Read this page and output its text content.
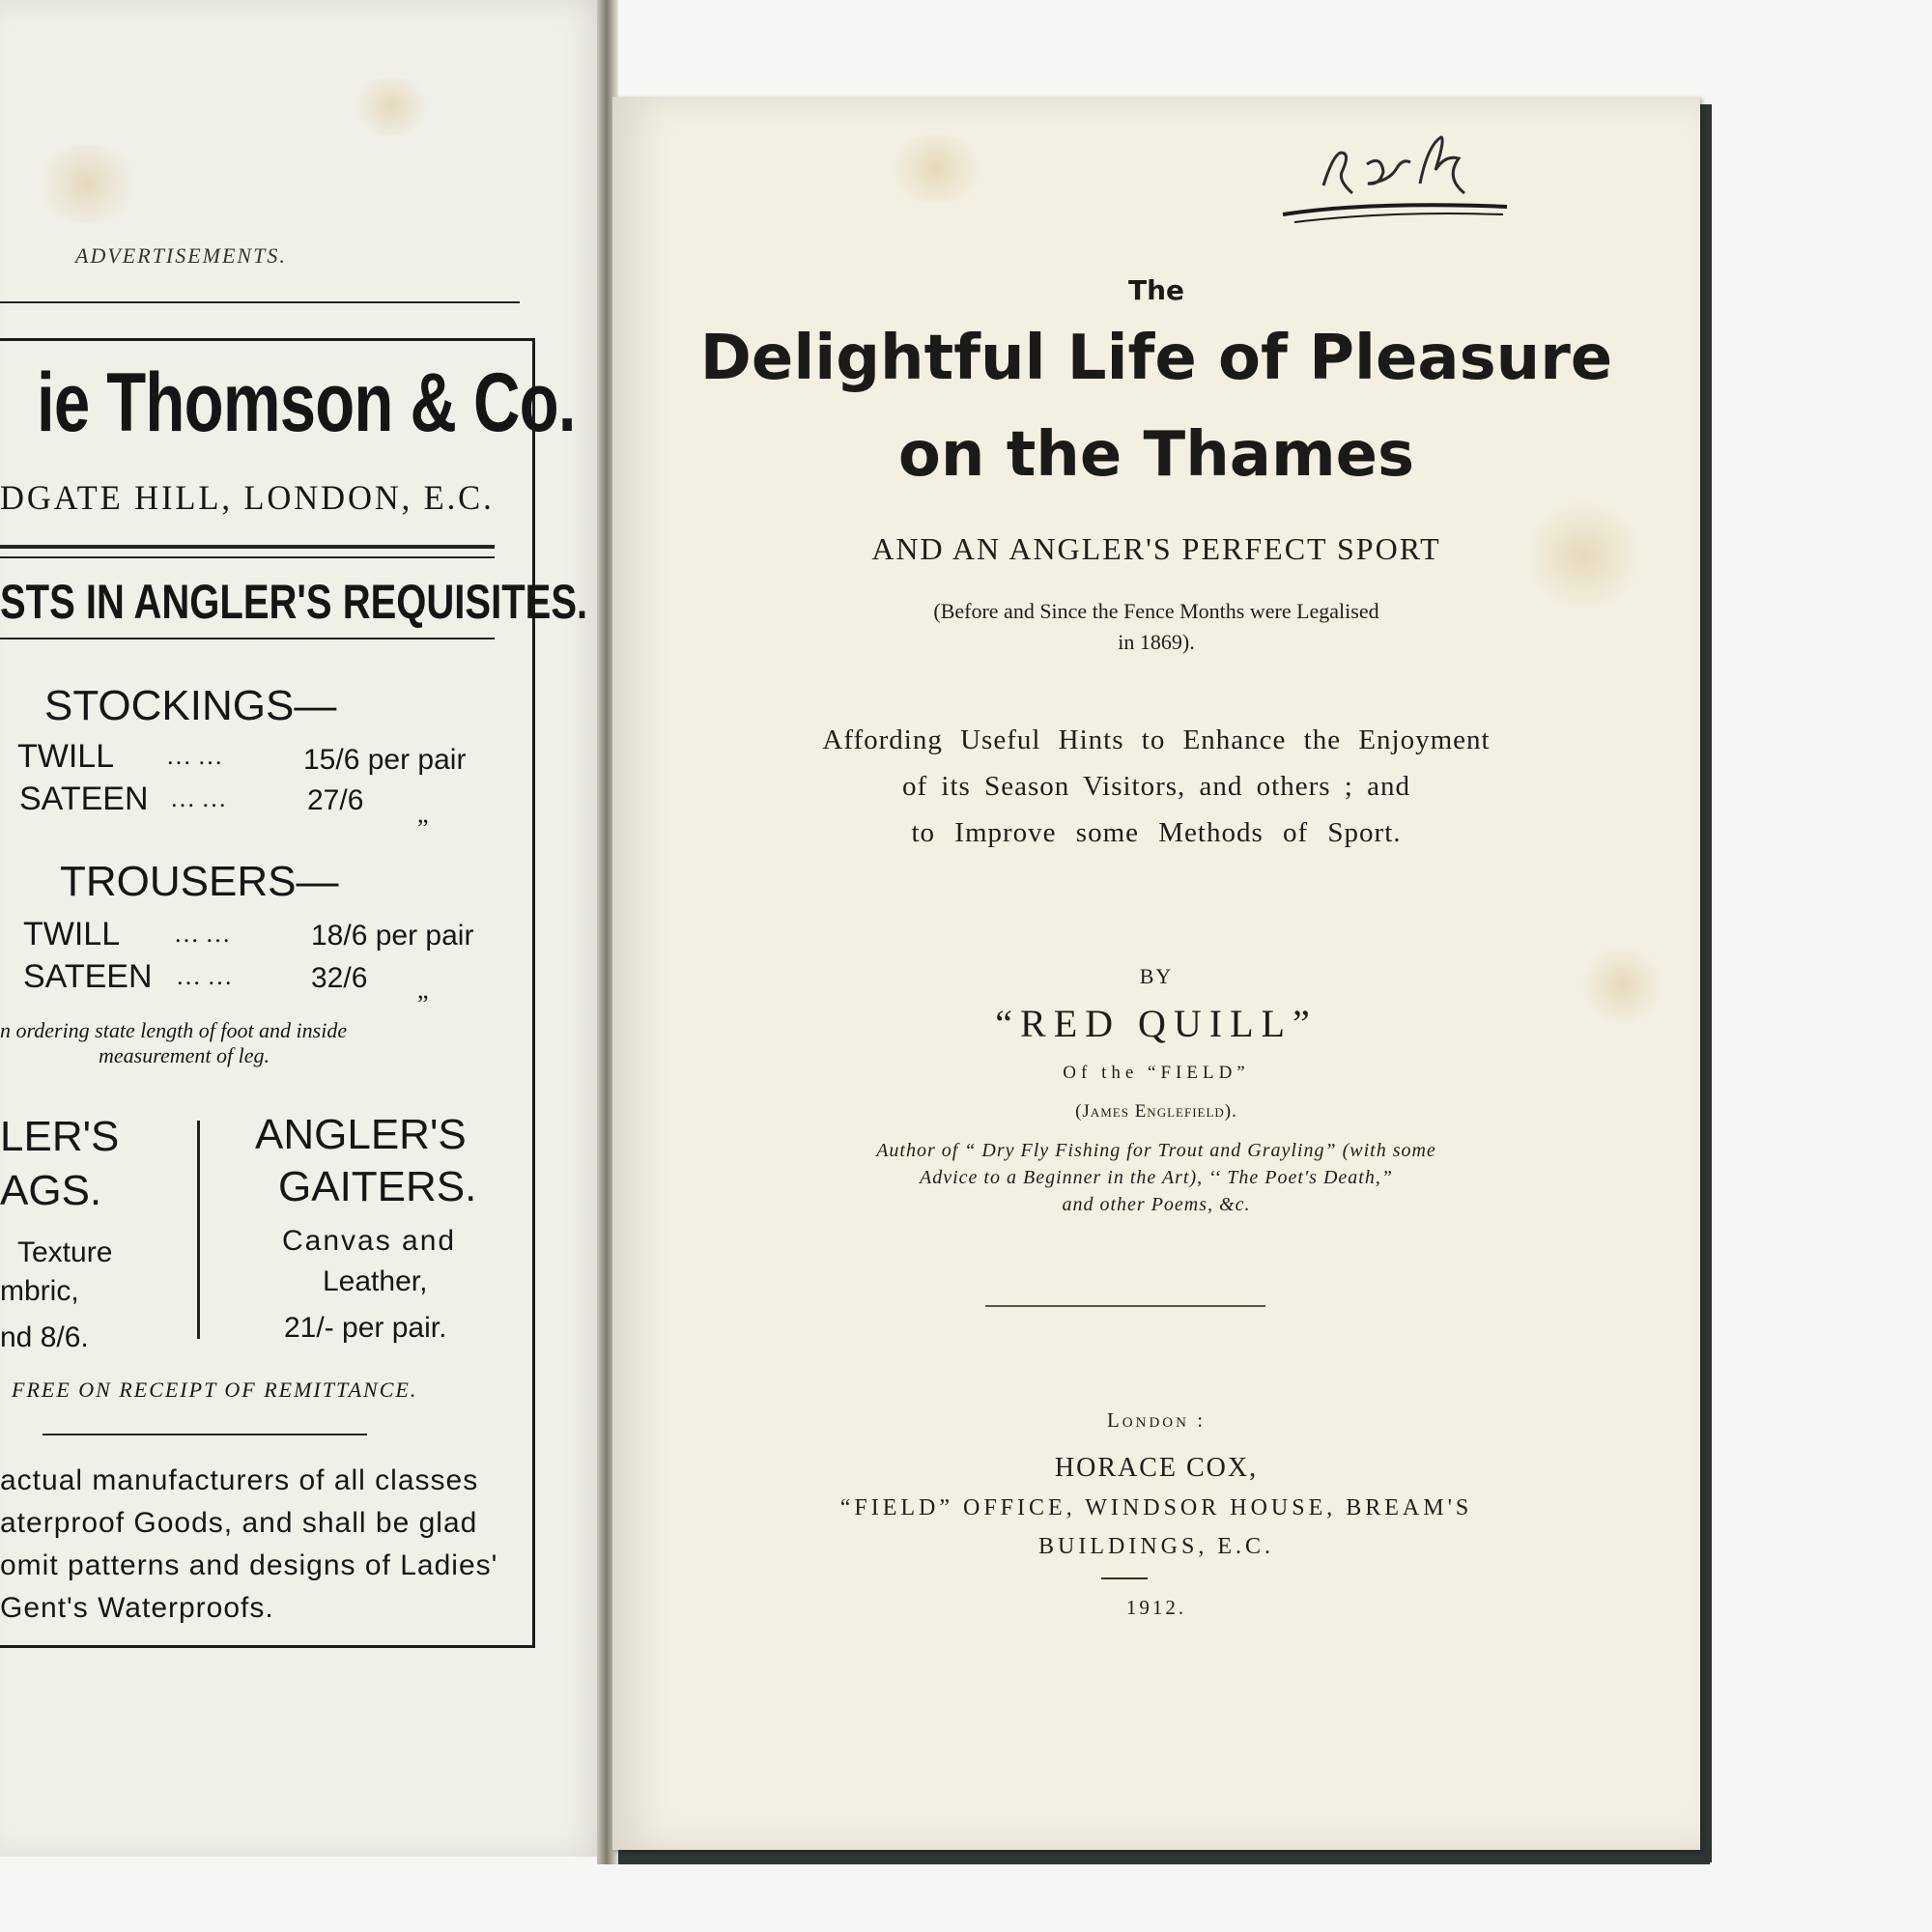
ADVERTISEMENTS.
ie Thomson & Co.
DGATE HILL, LONDON, E.C.
STS IN ANGLER'S REQUISITES.
STOCKINGS—
TWILL … …	15/6 per pair
SATEEN … …	27/6 „
TROUSERS—
TWILL … …	18/6 per pair
SATEEN … …	32/6 „
n ordering state length of foot and inside
measurement of leg.
LER'S
AGS.
Texture
mbric,
nd 8/6.
ANGLER'S
GAITERS.
Canvas and
Leather,
21/- per pair.
FREE ON RECEIPT OF REMITTANCE.
actual manufacturers of all classes
aterproof Goods, and shall be glad
omit patterns and designs of Ladies'
Gent's Waterproofs.
The
Delightful Life of Pleasure
on the Thames
AND AN ANGLER'S PERFECT SPORT
(Before and Since the Fence Months were Legalised
in 1869).
Affording Useful Hints to Enhance the Enjoyment
of its Season Visitors, and others ; and
to Improve some Methods of Sport.
BY
“RED QUILL”
Of the “FIELD”
(James Englefield).
Author of “ Dry Fly Fishing for Trout and Grayling” (with some
Advice to a Beginner in the Art), ‘‘ The Poet's Death,”
and other Poems, &c.
London :
HORACE COX,
“FIELD” OFFICE, WINDSOR HOUSE, BREAM'S
BUILDINGS, E.C.
1912.
